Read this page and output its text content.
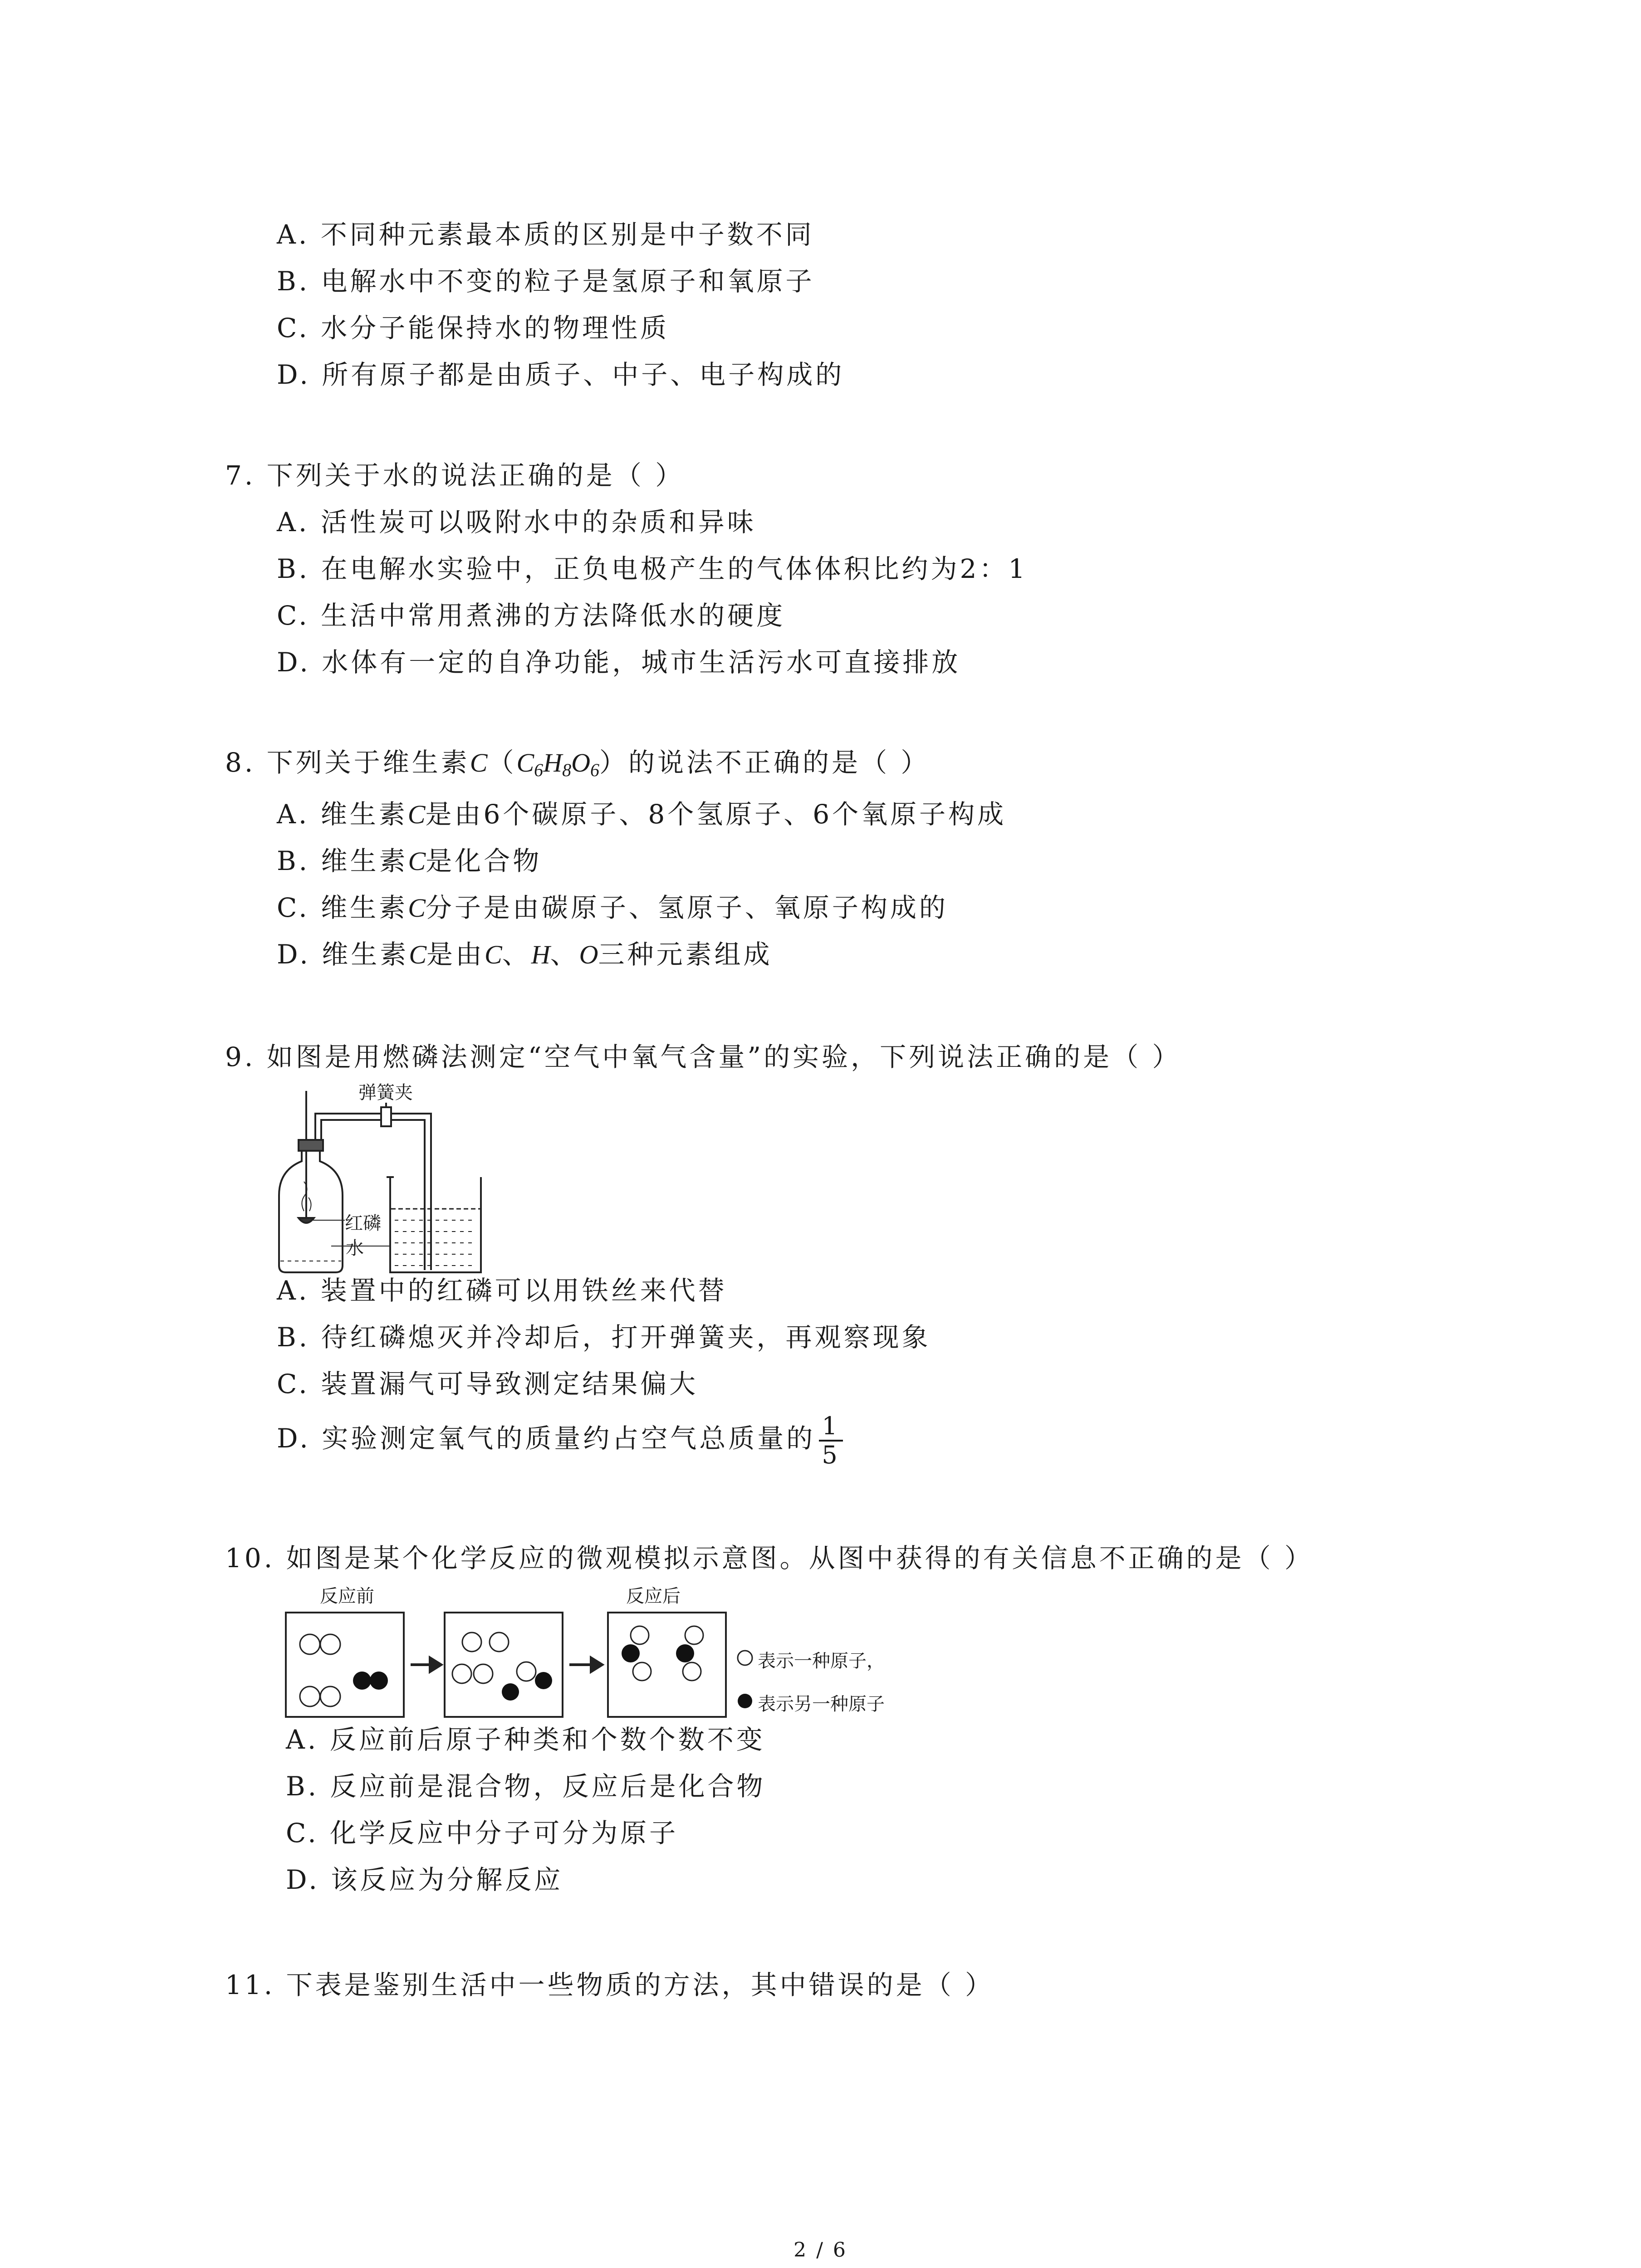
A. 不同种元素最本质的区别是中子数不同
B. 电解水中不变的粒子是氢原子和氧原子
C. 水分子能保持水的物理性质
D. 所有原子都是由质子、中子、电子构成的
7. 下列关于水的说法正确的是（ ）
A. 活性炭可以吸附水中的杂质和异味
B. 在电解水实验中，正负电极产生的气体体积比约为2：1
C. 生活中常用煮沸的方法降低水的硬度
D. 水体有一定的自净功能，城市生活污水可直接排放
8. 下列关于维生素$C(C_6H_8O_6)$的说法不正确的是（ ）
A. 维生素C是由6个碳原子、8个氢原子、6个氧原子构成
B. 维生素C是化合物
C. 维生素C分子是由碳原子、氢原子、氧原子构成的
D. 维生素C是由C、H、O三种元素组成
9. 如图是用燃磷法测定“空气中氧气含量”的实验，下列说法正确的是（ ）
弹簧夹
红磷
水
A. 装置中的红磷可以用铁丝来代替
B. 待红磷熄灭并冷却后，打开弹簧夹，再观察现象
C. 装置漏气可导致测定结果偏大
D. 实验测定氧气的质量约占空气总质量的 $\frac{1}{5}$
10. 如图是某个化学反应的微观模拟示意图。从图中获得的有关信息不正确的是（ ）
反应前	反应后
表示一种原子，
表示另一种原子
A. 反应前后原子种类和个数个数不变
B. 反应前是混合物，反应后是化合物
C. 化学反应中分子可分为原子
D. 该反应为分解反应
11. 下表是鉴别生活中一些物质的方法，其中错误的是（ ）
2 / 6
